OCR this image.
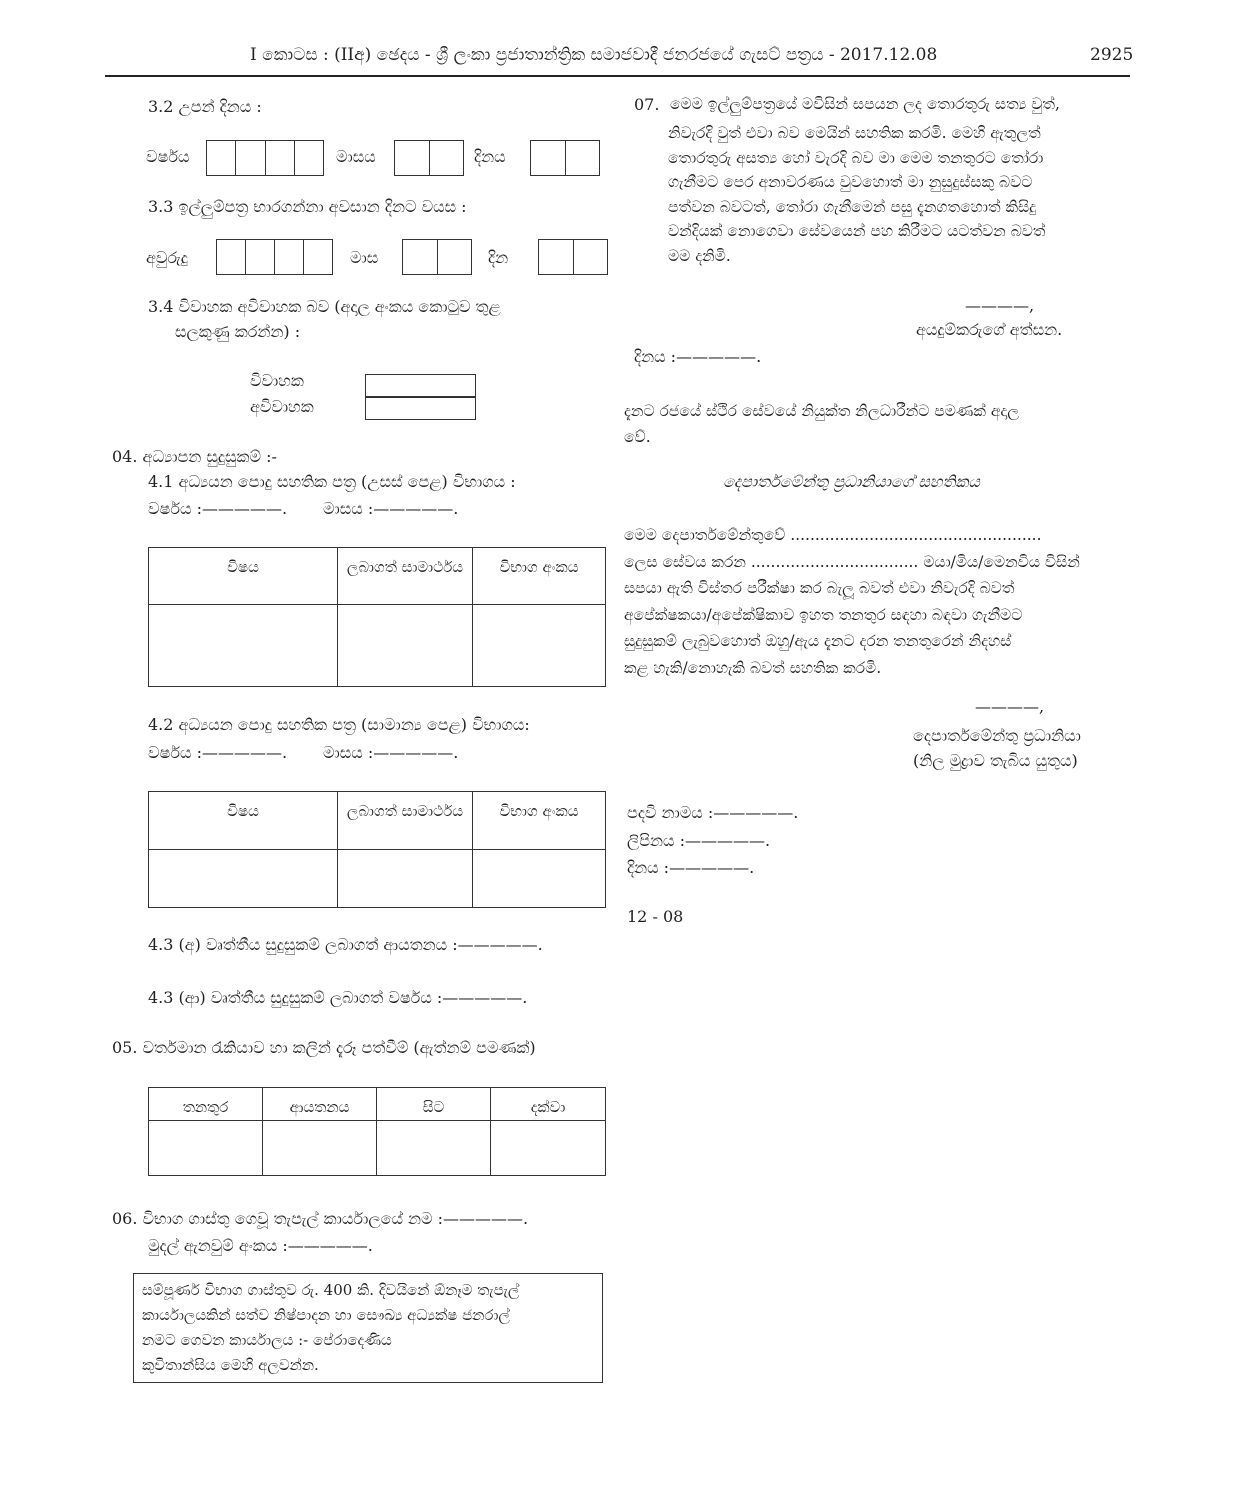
I කොටස : (IIඅ) ඡෙදය - ශ්‍රී ලංකා ප්‍රජාතාන්ත්‍රික සමාජවාදී ජනරජයේ ගැසට් පත්‍රය - 2017.12.08	2925
3.2 උපන් දිනය :
වර්ෂය	මාසය	දිනය
3.3 ඉල්ලුම්පත්‍ර භාරගන්නා අවසාන දිනට වයස :
අවුරුදු	මාස	දින
3.4 විවාහක අවිවාහක බව (අදාල අංකය කොටුව තුළ
සලකුණු කරන්න) :
විවාහක
අවිවාහක
04. අධ්‍යාපන සුදුසුකම් :-
4.1 අධ්‍යයන පොදු සහතික පත්‍ර (උසස් පෙළ) විභාගය :
වර්ෂය :—————. මාසය :—————.
විෂය	ලබාගත් සාමාර්ථය	විභාග අංකය

4.2 අධ්‍යයන පොදු සහතික පත්‍ර (සාමාන්‍ය පෙළ) විභාගය:
වර්ෂය :—————. මාසය :—————.
විෂය	ලබාගත් සාමාර්ථය	විභාග අංකය

4.3 (අ) වෘත්තීය සුදුසුකම් ලබාගත් ආයතනය :—————.
4.3 (ආ) වෘත්තීය සුදුසුකම් ලබාගත් වර්ෂය :—————.
05. වර්තමාන රැකියාව හා කලින් දැරූ පත්වීම් (ඇත්නම් පමණක්)
තනතුර	ආයතනය	සිට	දක්වා

06. විභාග ගාස්තු ගෙවූ තැපැල් කාර්යාලයේ නම :—————.
මුදල් ඇනවුම් අංකය :—————.
සම්පූර්ණ විභාග ගාස්තුව රු. 400 කි. දිවයිනේ ඕනෑම තැපැල්
කාර්යාලයකින් සත්ව නිෂ්පාදන හා සෞඛ්‍ය අධ්‍යක්ෂ ජනරාල්
නමට ගෙවන කාර්යාලය :- පේරාදෙණිය
කුවිතාන්සිය මෙහි අලවන්න.
07. මෙම ඉල්ලුම්පත්‍රයේ මවිසින් සපයන ලද තොරතුරු සත්‍ය වුත්,
නිවැරදි වුත් එවා බව මෙයින් සහතික කරමි. මෙහි ඇතුලත්
තොරතුරු අසත්‍ය හෝ වැරදි බව මා මෙම තනතුරට තෝරා
ගැනීමට පෙර අනාවරණය වුවහොත් මා නුසුදුස්සකු බවට
පත්වන බවටත්, තෝරා ගැනීමෙන් පසු දැනගතහොත් කිසිදු
වන්දියක් නොගෙවා සේවයෙන් පහ කිරීමට යටත්වන බවත්
මම දනිමි.
————,
අයදුම්කරුගේ අත්සන.
දිනය :—————.
දැනට රජයේ ස්ථිර සේවයේ නියුක්ත නිලධාරීන්ට පමණක් අදාල
වේ.
දෙපාර්තමේන්තු ප්‍රධානියාගේ සහතිකය
මෙම දෙපාර්තමේන්තුවේ ...................................................
ලෙස සේවය කරන .................................. මයා/මිය/මෙනවිය විසින්
සපයා ඇති විස්තර පරීක්ෂා කර බැලූ බවත් එවා නිවැරදි බවත්
අපේක්ෂකයා/අපේක්ෂිකාව ඉහත තනතුර සඳහා බඳවා ගැනීමට
සුදුසුකම් ලැබුවහොත් ඔහු/ඇය දැනට දරන තනතුරෙන් නිදහස්
කළ හැකි/නොහැකි බවත් සහතික කරමි.
————,
දෙපාර්තමේන්තු ප්‍රධානියා
(නිල මුද්‍රාව තැබිය යුතුය)
පදවි නාමය :—————.
ලිපිනය :—————.
දිනය :—————.
12 - 08
